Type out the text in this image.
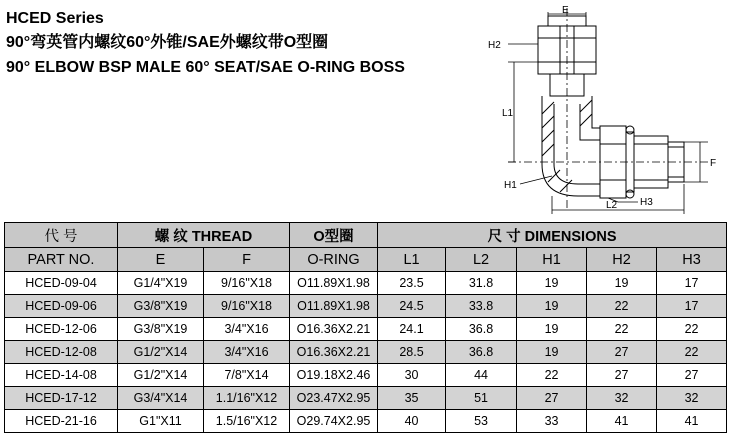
HCED Series
90°弯英管内螺纹60°外锥/SAE外螺纹带O型圈
90° ELBOW BSP MALE 60° SEAT/SAE O-RING BOSS
E
H2
L1
F
H1
H3
L2
代 号	螺 纹 THREAD		O型圈	尺 寸 DIMENSIONS				
PART NO.	E	F	O-RING	L1	L2	H1	H2	H3
HCED-09-04	G1/4"X19	9/16"X18	O11.89X1.98	23.5	31.8	19	19	17
HCED-09-06	G3/8"X19	9/16"X18	O11.89X1.98	24.5	33.8	19	22	17
HCED-12-06	G3/8"X19	3/4"X16	O16.36X2.21	24.1	36.8	19	22	22
HCED-12-08	G1/2"X14	3/4"X16	O16.36X2.21	28.5	36.8	19	27	22
HCED-14-08	G1/2"X14	7/8"X14	O19.18X2.46	30	44	22	27	27
HCED-17-12	G3/4"X14	1.1/16"X12	O23.47X2.95	35	51	27	32	32
HCED-21-16	G1"X11	1.5/16"X12	O29.74X2.95	40	53	33	41	41
